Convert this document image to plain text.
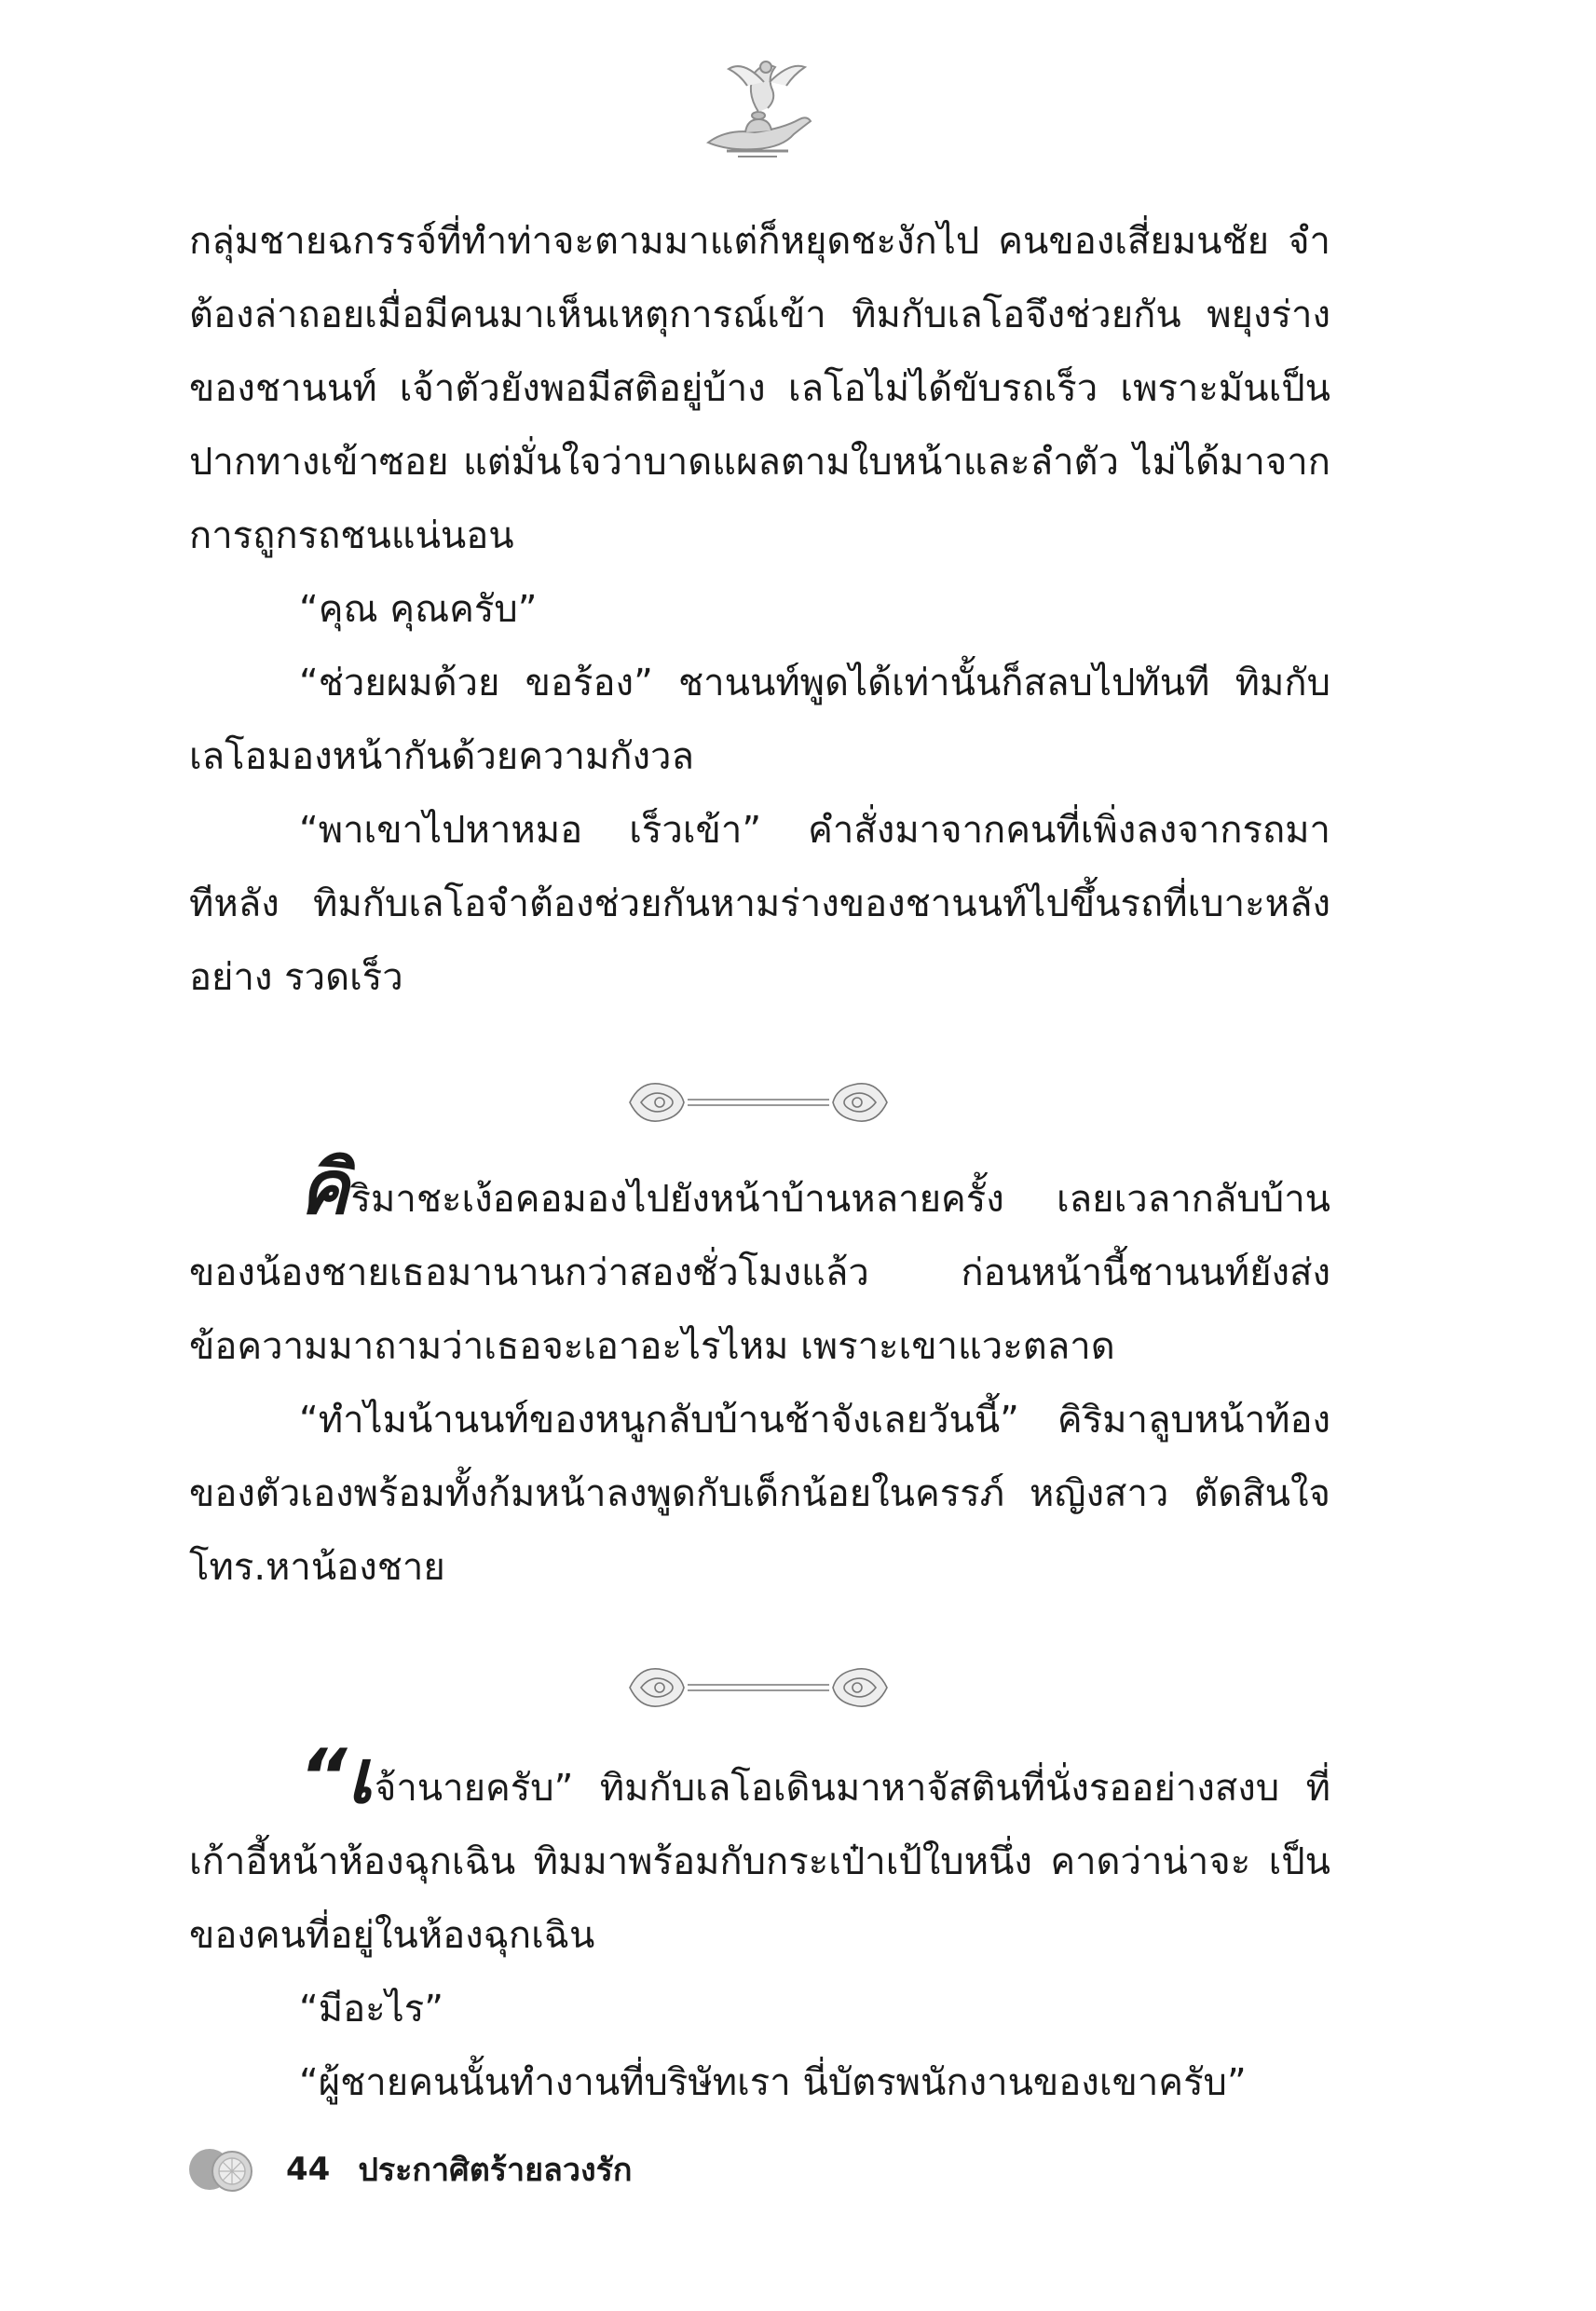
กลุ่มชายฉกรรจ์ที่ทำท่าจะตามมาแต่ก็หยุดชะงักไป คนของเสี่ยมนชัย จำต้องล่าถอยเมื่อมีคนมาเห็นเหตุการณ์เข้า ทิมกับเลโอจึงช่วยกัน พยุงร่างของชานนท์ เจ้าตัวยังพอมีสติอยู่บ้าง เลโอไม่ได้ขับรถเร็ว เพราะมันเป็นปากทางเข้าซอย แต่มั่นใจว่าบาดแผลตามใบหน้าและลำตัว ไม่ได้มาจากการถูกรถชนแน่นอน

“คุณ คุณครับ”

“ช่วยผมด้วย ขอร้อง” ชานนท์พูดได้เท่านั้นก็สลบไปทันที ทิมกับเลโอมองหน้ากันด้วยความกังวล

“พาเขาไปหาหมอ เร็วเข้า” คำสั่งมาจากคนที่เพิ่งลงจากรถมาทีหลัง ทิมกับเลโอจำต้องช่วยกันหามร่างของชานนท์ไปขึ้นรถที่เบาะหลังอย่าง รวดเร็ว

คิริมาชะเง้อคอมองไปยังหน้าบ้านหลายครั้ง เลยเวลากลับบ้าน ของน้องชายเธอมานานกว่าสองชั่วโมงแล้ว ก่อนหน้านี้ชานนท์ยังส่ง ข้อความมาถามว่าเธอจะเอาอะไรไหม เพราะเขาแวะตลาด

“ทำไมน้านนท์ของหนูกลับบ้านช้าจังเลยวันนี้” คิริมาลูบหน้าท้อง ของตัวเองพร้อมทั้งก้มหน้าลงพูดกับเด็กน้อยในครรภ์ หญิงสาว ตัดสินใจโทร.หาน้องชาย

“เจ้านายครับ” ทิมกับเลโอเดินมาหาจัสตินที่นั่งรออย่างสงบ ที่เก้าอี้หน้าห้องฉุกเฉิน ทิมมาพร้อมกับกระเป๋าเป้ใบหนึ่ง คาดว่าน่าจะ เป็นของคนที่อยู่ในห้องฉุกเฉิน

“มีอะไร”

“ผู้ชายคนนั้นทำงานที่บริษัทเรา นี่บัตรพนักงานของเขาครับ”

44 ประกาศิตร้ายลวงรัก
